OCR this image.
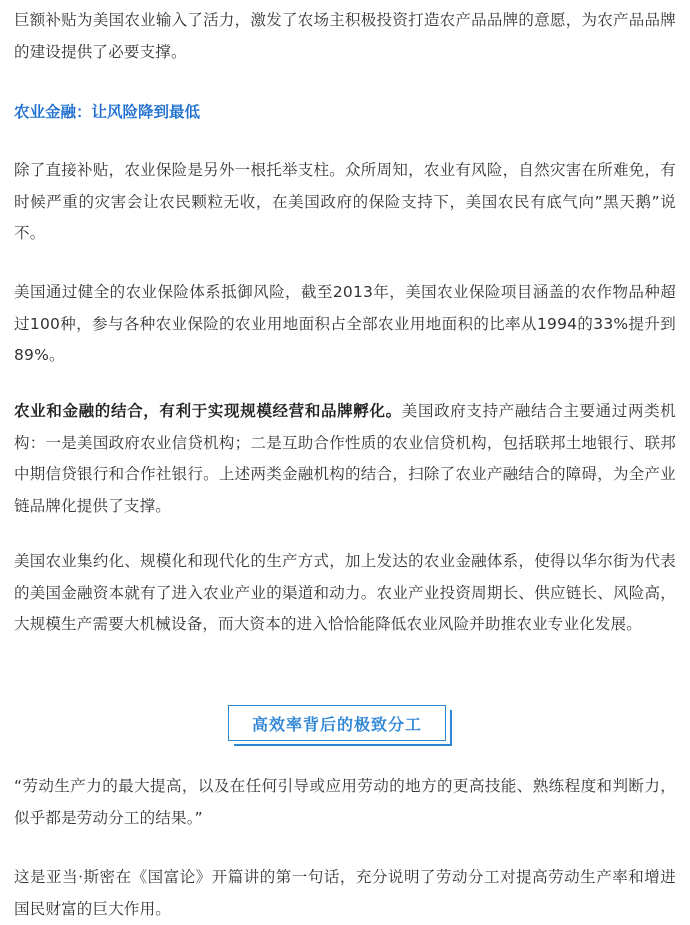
巨额补贴为美国农业输入了活力，激发了农场主积极投资打造农产品品牌的意愿，为农产品品牌的建设提供了必要支撑。

农业金融：让风险降到最低

除了直接补贴，农业保险是另外一根托举支柱。众所周知，农业有风险，自然灾害在所难免，有时候严重的灾害会让农民颗粒无收，在美国政府的保险支持下，美国农民有底气向”黑天鹅”说不。

美国通过健全的农业保险体系抵御风险，截至2013年，美国农业保险项目涵盖的农作物品种超过100种，参与各种农业保险的农业用地面积占全部农业用地面积的比率从1994的33%提升到89%。

农业和金融的结合，有利于实现规模经营和品牌孵化。美国政府支持产融结合主要通过两类机构：一是美国政府农业信贷机构；二是互助合作性质的农业信贷机构，包括联邦土地银行、联邦中期信贷银行和合作社银行。上述两类金融机构的结合，扫除了农业产融结合的障碍，为全产业链品牌化提供了支撑。

美国农业集约化、规模化和现代化的生产方式，加上发达的农业金融体系，使得以华尔街为代表的美国金融资本就有了进入农业产业的渠道和动力。农业产业投资周期长、供应链长、风险高，大规模生产需要大机械设备，而大资本的进入恰恰能降低农业风险并助推农业专业化发展。

高效率背后的极致分工

“劳动生产力的最大提高，以及在任何引导或应用劳动的地方的更高技能、熟练程度和判断力，似乎都是劳动分工的结果。”

这是亚当·斯密在《国富论》开篇讲的第一句话，充分说明了劳动分工对提高劳动生产率和增进国民财富的巨大作用。
